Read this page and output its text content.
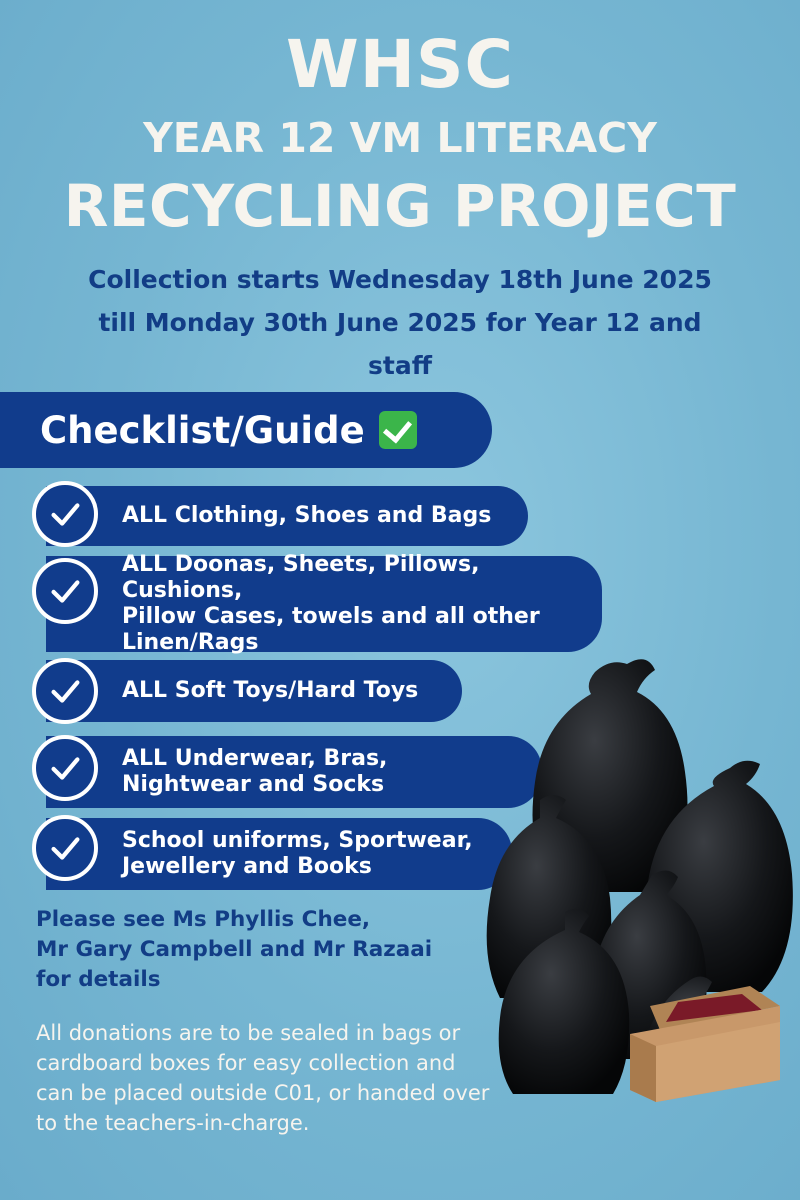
WHSC
YEAR 12 VM LITERACY
RECYCLING PROJECT
Collection starts Wednesday 18th June 2025
till Monday 30th June 2025 for Year 12 and
staff
Checklist/Guide
ALL Clothing, Shoes and Bags
ALL Doonas, Sheets, Pillows, Cushions,
Pillow Cases, towels and all other
Linen/Rags
ALL Soft Toys/Hard Toys
ALL Underwear, Bras,
Nightwear and Socks
School uniforms, Sportwear,
Jewellery and Books
Please see Ms Phyllis Chee,
Mr Gary Campbell and Mr Razaai
for details
All donations are to be sealed in bags or
cardboard boxes for easy collection and
can be placed outside C01, or handed over
to the teachers-in-charge.
